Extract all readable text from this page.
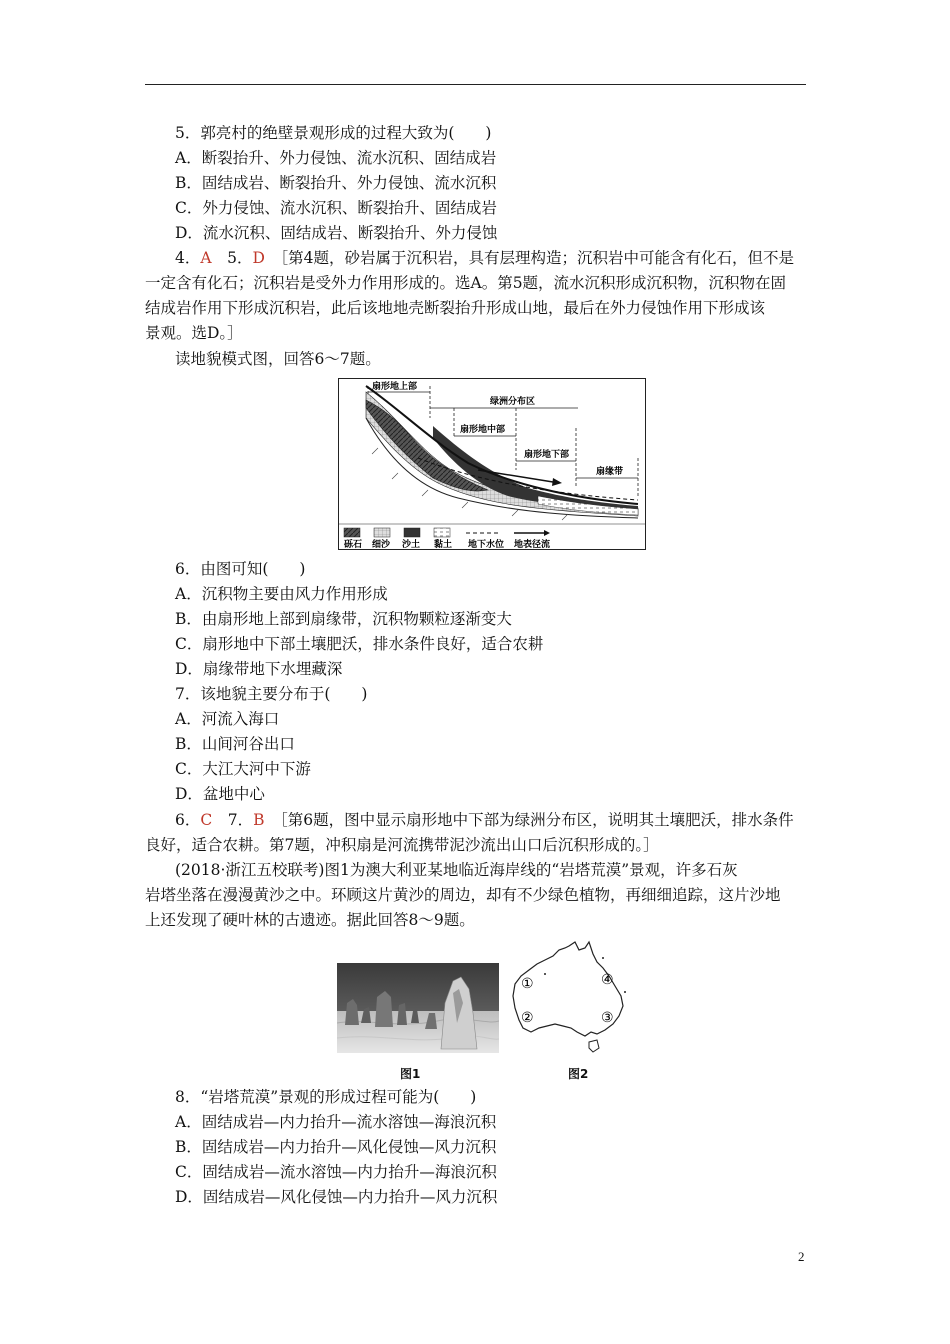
5．郭亮村的绝壁景观形成的过程大致为(　　)
A．断裂抬升、外力侵蚀、流水沉积、固结成岩
B．固结成岩、断裂抬升、外力侵蚀、流水沉积
C．外力侵蚀、流水沉积、断裂抬升、固结成岩
D．流水沉积、固结成岩、断裂抬升、外力侵蚀
4．A　 5．D　 ［第4题，砂岩属于沉积岩，具有层理构造；沉积岩中可能含有化石，但不是
一定含有化石；沉积岩是受外力作用形成的。选A。第5题，流水沉积形成沉积物，沉积物在固
结成岩作用下形成沉积岩，此后该地地壳断裂抬升形成山地，最后在外力侵蚀作用下形成该
景观。选D。］
读地貌模式图，回答6～7题。
扇形地上部
绿洲分布区
扇形地中部
扇形地下部
扇缘带
砾石 细沙 沙土 黏土 地下水位 地表径流
6．由图可知(　　)
A．沉积物主要由风力作用形成
B．由扇形地上部到扇缘带，沉积物颗粒逐渐变大
C．扇形地中下部土壤肥沃，排水条件良好，适合农耕
D．扇缘带地下水埋藏深
7．该地貌主要分布于(　　)
A．河流入海口
B．山间河谷出口
C．大江大河中下游
D．盆地中心
6．C　 7．B　 ［第6题，图中显示扇形地中下部为绿洲分布区，说明其土壤肥沃，排水条件
良好，适合农耕。第7题，冲积扇是河流携带泥沙流出山口后沉积形成的。］
(2018·浙江五校联考)图1为澳大利亚某地临近海岸线的“岩塔荒漠”景观，许多石灰
岩塔坐落在漫漫黄沙之中。环顾这片黄沙的周边，却有不少绿色植物，再细细追踪，这片沙地
上还发现了硬叶林的古遗迹。据此回答8～9题。
图1
①
②	③
④
图2
8．“岩塔荒漠”景观的形成过程可能为(　　)
A．固结成岩—内力抬升—流水溶蚀—海浪沉积
B．固结成岩—内力抬升—风化侵蚀—风力沉积
C．固结成岩—流水溶蚀—内力抬升—海浪沉积
D．固结成岩—风化侵蚀—内力抬升—风力沉积
2
